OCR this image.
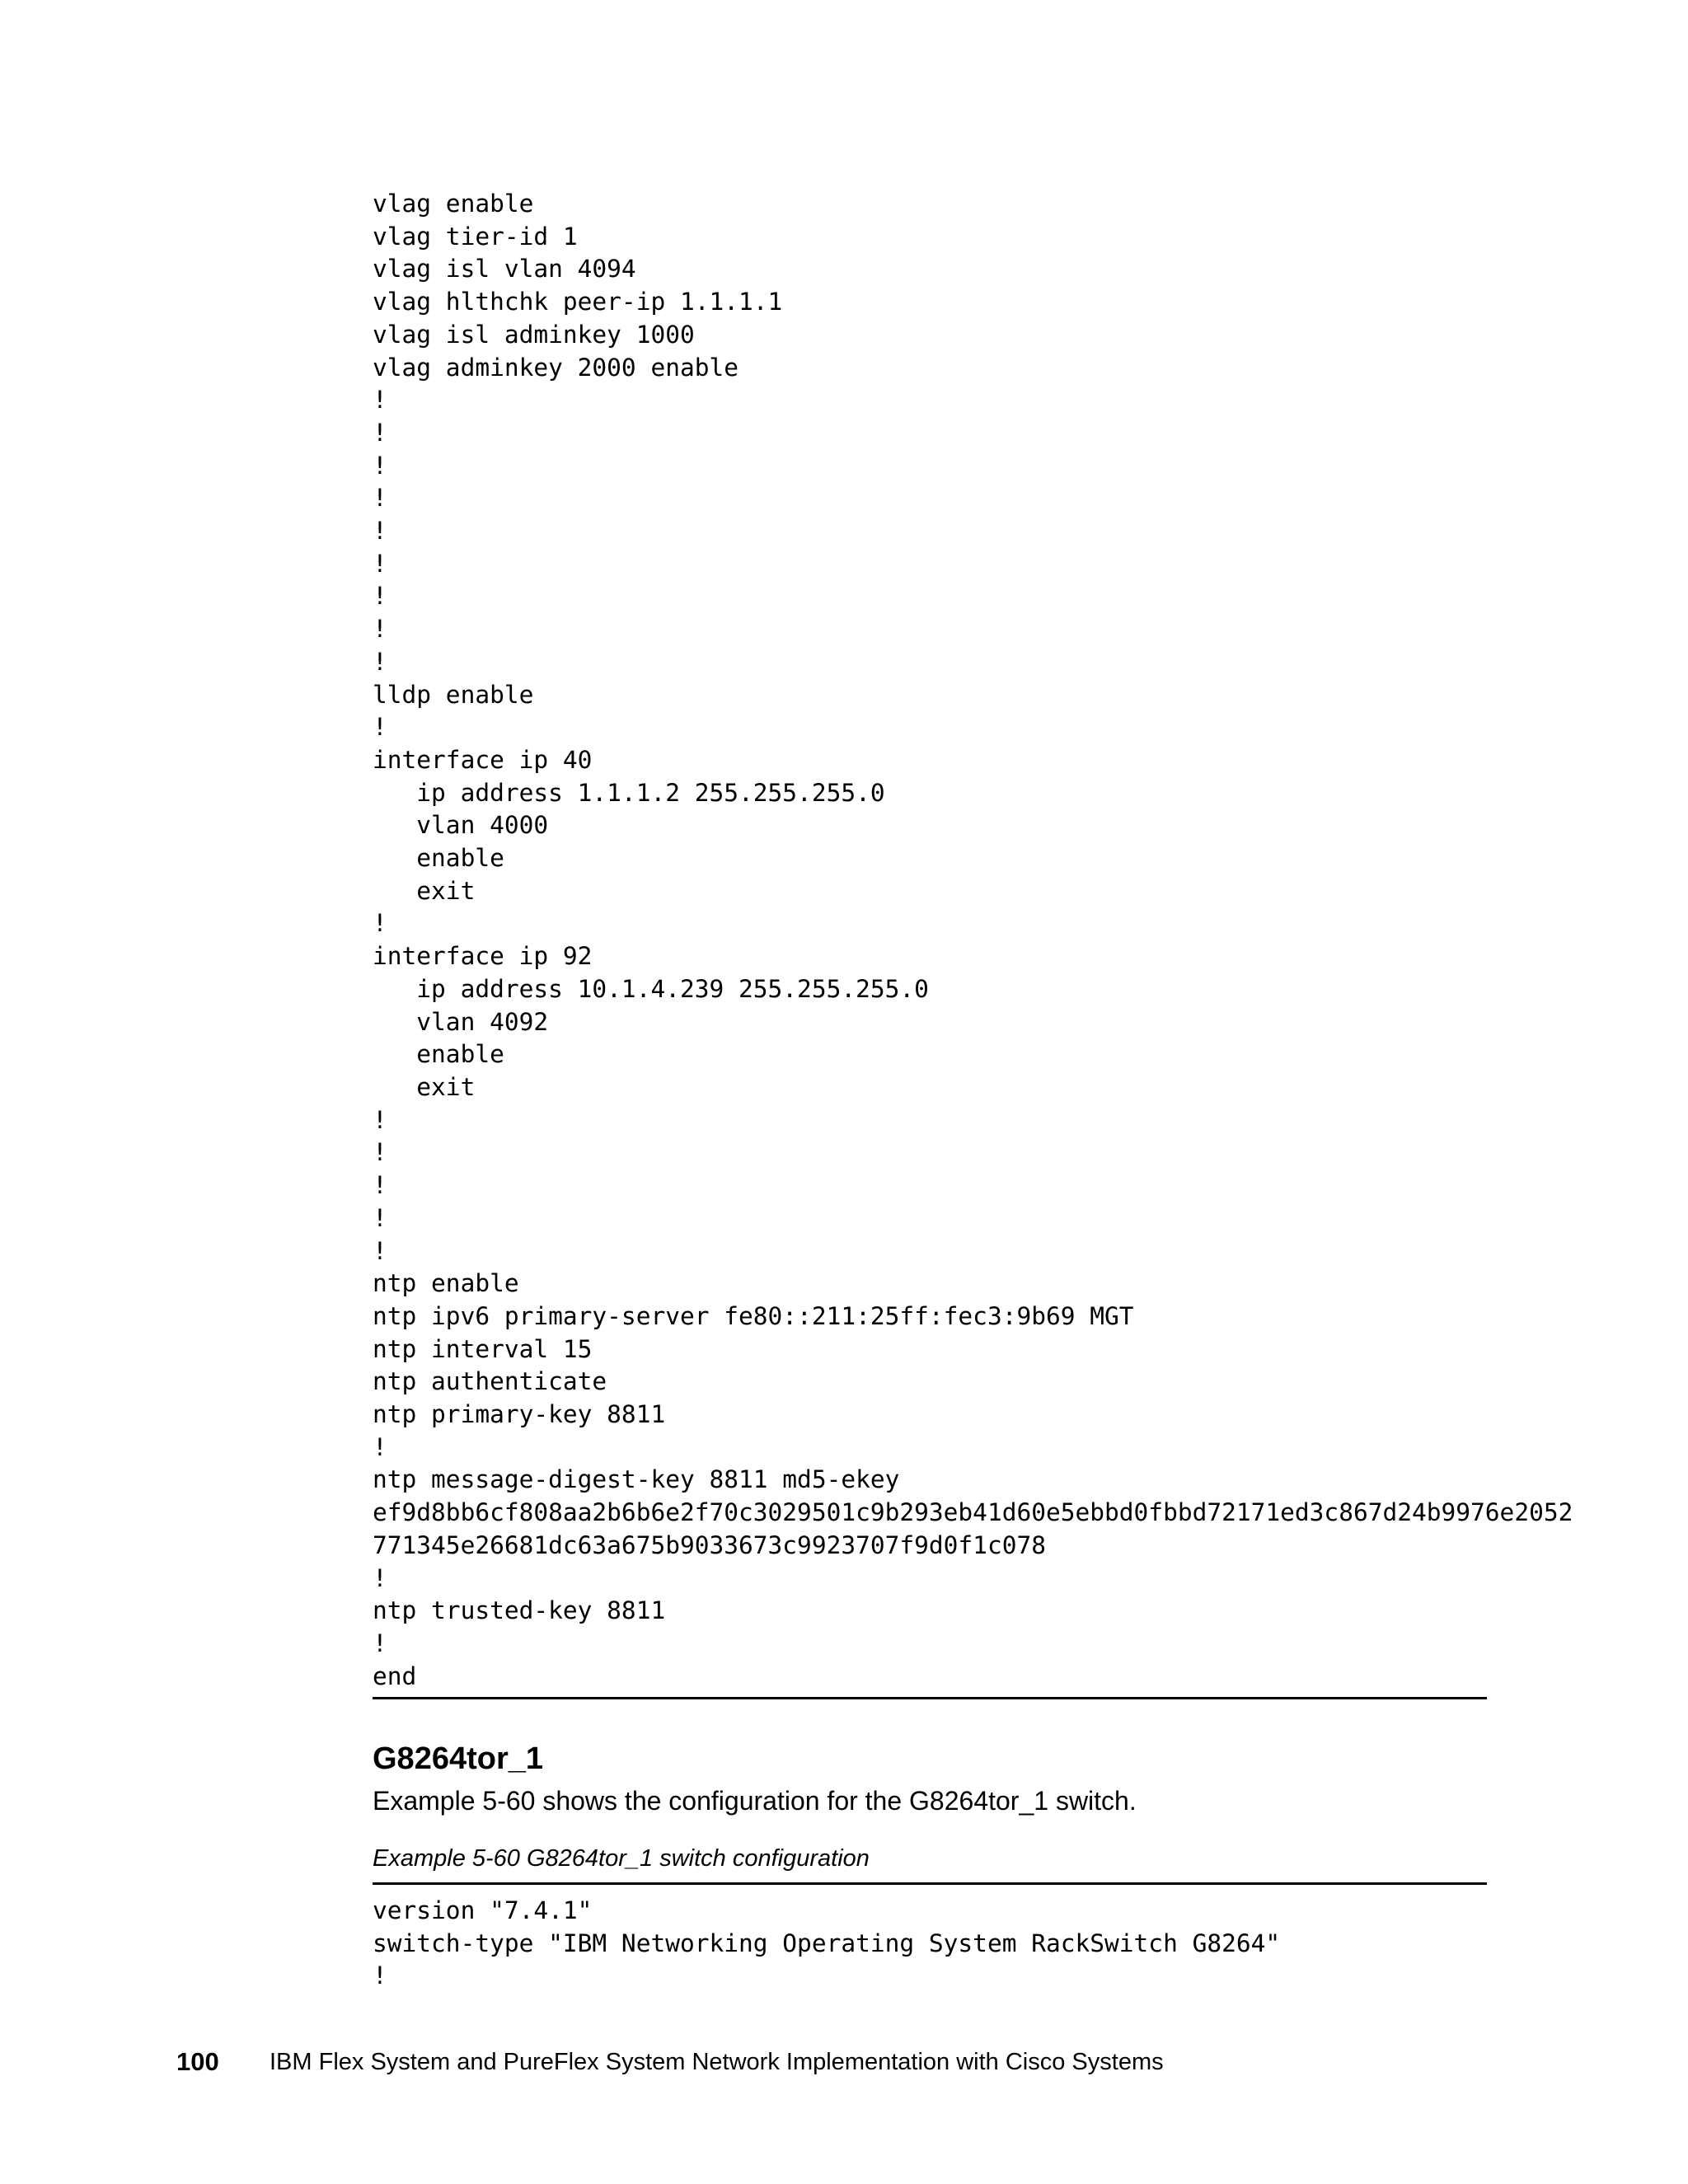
vlag enable
vlag tier-id 1
vlag isl vlan 4094
vlag hlthchk peer-ip 1.1.1.1
vlag isl adminkey 1000
vlag adminkey 2000 enable
!
!
!
!
!
!
!
!
!
lldp enable
!
interface ip 40
ip address 1.1.1.2 255.255.255.0
vlan 4000
enable
exit
!
interface ip 92
ip address 10.1.4.239 255.255.255.0
vlan 4092
enable
exit
!
!
!
!
!
ntp enable
ntp ipv6 primary-server fe80::211:25ff:fec3:9b69 MGT
ntp interval 15
ntp authenticate
ntp primary-key 8811
!
ntp message-digest-key 8811 md5-ekey
ef9d8bb6cf808aa2b6b6e2f70c3029501c9b293eb41d60e5ebbd0fbbd72171ed3c867d24b9976e2052
771345e26681dc63a675b9033673c9923707f9d0f1c078
!
ntp trusted-key 8811
!
end
G8264tor_1
Example 5-60 shows the configuration for the G8264tor_1 switch.
Example 5-60 G8264tor_1 switch configuration
version "7.4.1"
switch-type "IBM Networking Operating System RackSwitch G8264"
!
100 IBM Flex System and PureFlex System Network Implementation with Cisco Systems
